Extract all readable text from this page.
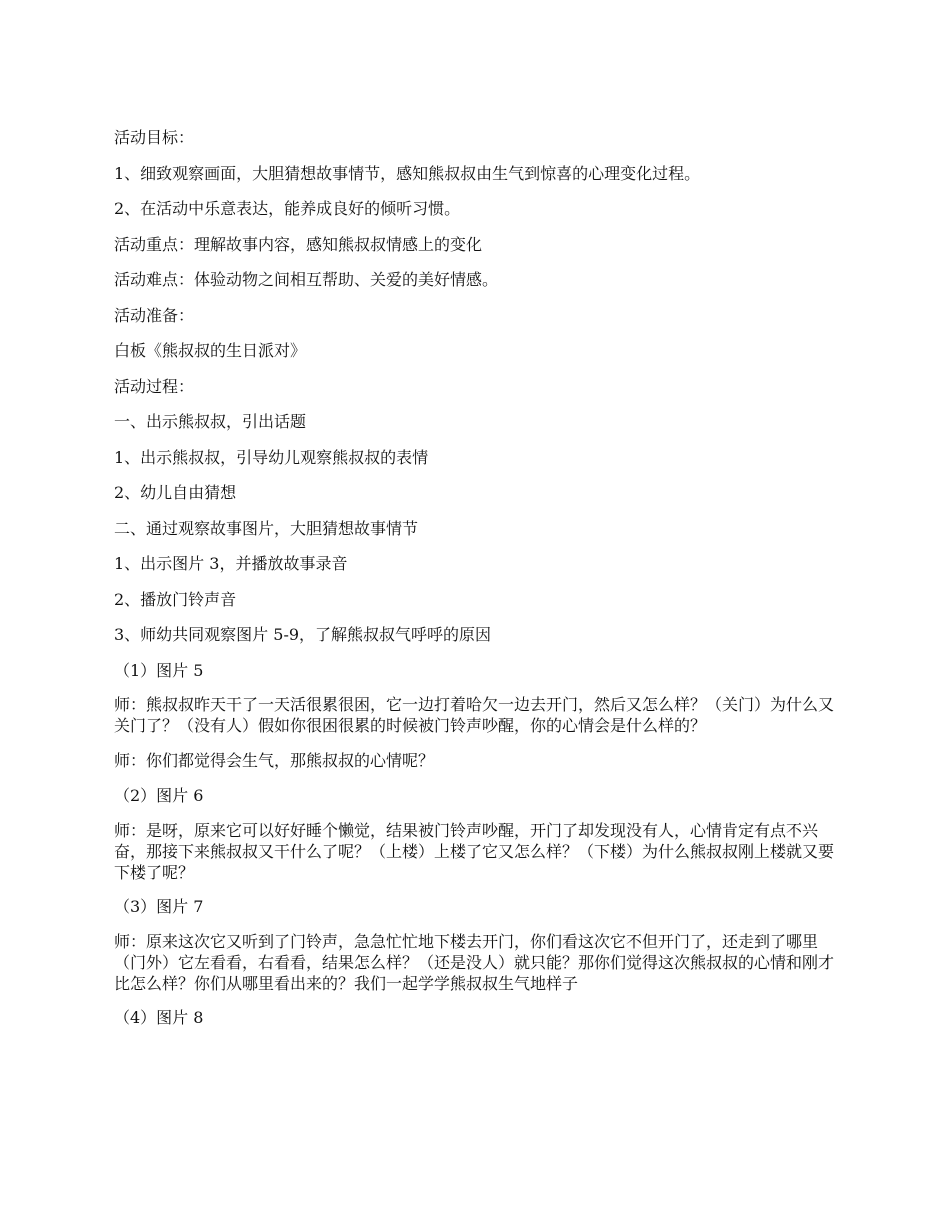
活动目标：

1、细致观察画面，大胆猜想故事情节，感知熊叔叔由生气到惊喜的心理变化过程。

2、在活动中乐意表达，能养成良好的倾听习惯。

活动重点：理解故事内容，感知熊叔叔情感上的变化

活动难点：体验动物之间相互帮助、关爱的美好情感。

活动准备：

白板《熊叔叔的生日派对》

活动过程：

一、出示熊叔叔，引出话题

1、出示熊叔叔，引导幼儿观察熊叔叔的表情

2、幼儿自由猜想

二、通过观察故事图片，大胆猜想故事情节

1、出示图片 3，并播放故事录音

2、播放门铃声音

3、师幼共同观察图片 5-9，了解熊叔叔气呼呼的原因

（1）图片 5

师：熊叔叔昨天干了一天活很累很困，它一边打着哈欠一边去开门，然后又怎么样？（关门）为什么又关门了？（没有人）假如你很困很累的时候被门铃声吵醒，你的心情会是什么样的？

师：你们都觉得会生气，那熊叔叔的心情呢？

（2）图片 6

师：是呀，原来它可以好好睡个懒觉，结果被门铃声吵醒，开门了却发现没有人，心情肯定有点不兴奋，那接下来熊叔叔又干什么了呢？（上楼）上楼了它又怎么样？（下楼）为什么熊叔叔刚上楼就又要下楼了呢？

（3）图片 7

师：原来这次它又听到了门铃声，急急忙忙地下楼去开门，你们看这次它不但开门了，还走到了哪里（门外）它左看看，右看看，结果怎么样？（还是没人）就只能？那你们觉得这次熊叔叔的心情和刚才比怎么样？你们从哪里看出来的？我们一起学学熊叔叔生气地样子

（4）图片 8
